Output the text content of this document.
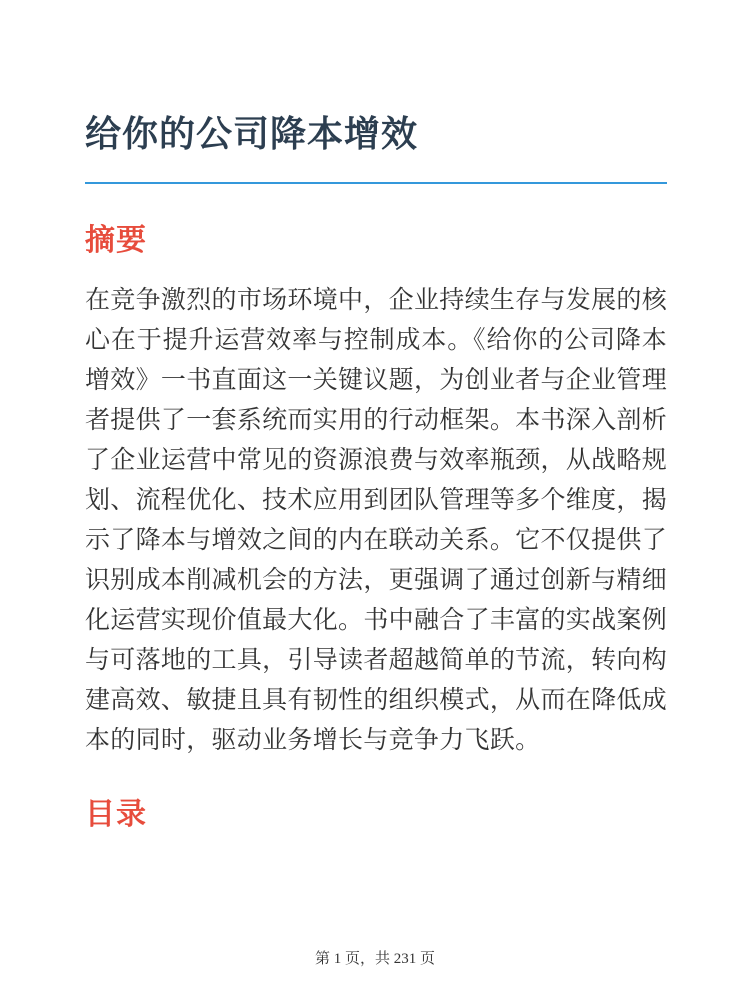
给你的公司降本增效
摘要

在竞争激烈的市场环境中，企业持续生存与发展的核心在于提升运营效率与控制成本。《给你的公司降本增效》一书直面这一关键议题，为创业者与企业管理者提供了一套系统而实用的行动框架。本书深入剖析了企业运营中常见的资源浪费与效率瓶颈，从战略规划、流程优化、技术应用到团队管理等多个维度，揭示了降本与增效之间的内在联动关系。它不仅提供了识别成本削减机会的方法，更强调了通过创新与精细化运营实现价值最大化。书中融合了丰富的实战案例与可落地的工具，引导读者超越简单的节流，转向构建高效、敏捷且具有韧性的组织模式，从而在降低成本的同时，驱动业务增长与竞争力飞跃。

目录
第 1 页，共 231 页
